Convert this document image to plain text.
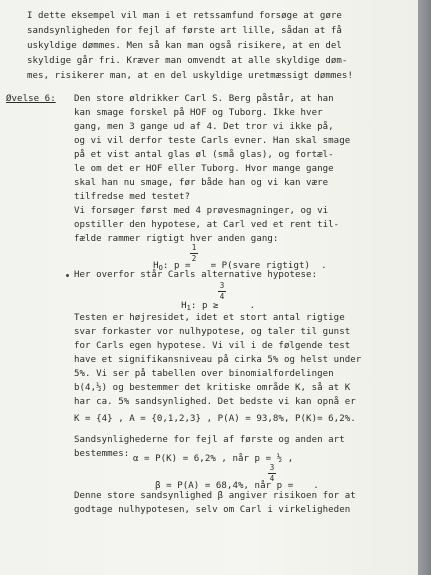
I dette eksempel vil man i et retssamfund forsøge at gøre
sandsynligheden for fejl af første art lille, sådan at få
uskyldige dømmes. Men så kan man også risikere, at en del
skyldige går fri. Kræver man omvendt at alle skyldige døm-
mes, risikerer man, at en del uskyldige uretmæssigt dømmes!
Øvelse 6: Den store øldrikker Carl S. Berg påstår, at han
kan smage forskel på HOF og Tuborg. Ikke hver
gang, men 3 gange ud af 4. Det tror vi ikke på,
og vi vil derfor teste Carls evner. Han skal smage
på et vist antal glas øl (små glas), og fortæl-
le om det er HOF eller Tuborg. Hvor mange gange
skal han nu smage, før både han og vi kan være
tilfredse med testet?
Vi forsøger først med 4 prøvesmagninger, og vi
opstiller den hypotese, at Carl ved et rent til-
fælde rammer rigtigt hver anden gang:

$H_O$: p =  = P(svare rigtigt)  .

1
2
Her overfor står Carls alternative hypotese:

$H_1$: p ≥    .

3
4
Testen er højresidet, idet et stort antal rigtige
svar forkaster vor nulhypotese, og taler til gunst
for Carls egen hypotese. Vi vil i de følgende test
have et signifikansniveau på cirka 5% og helst under
5%. Vi ser på tabellen over binomialfordelingen
b(4,½) og bestemmer det kritiske område K, så at K
har ca. 5% sandsynlighed. Det bedste vi kan opnå er
K = {4} , A = {0,1,2,3} , P(A) = 93,8%, P(K)= 6,2%.
Sandsynlighederne for fejl af første og anden art
bestemmes: α = P(K) = 6,2% , når p = ½ ,

β = P(A) = 68,4%, når p =  .

3
4
Denne store sandsynlighed β angiver risikoen for at
godtage nulhypotesen, selv om Carl i virkeligheden
